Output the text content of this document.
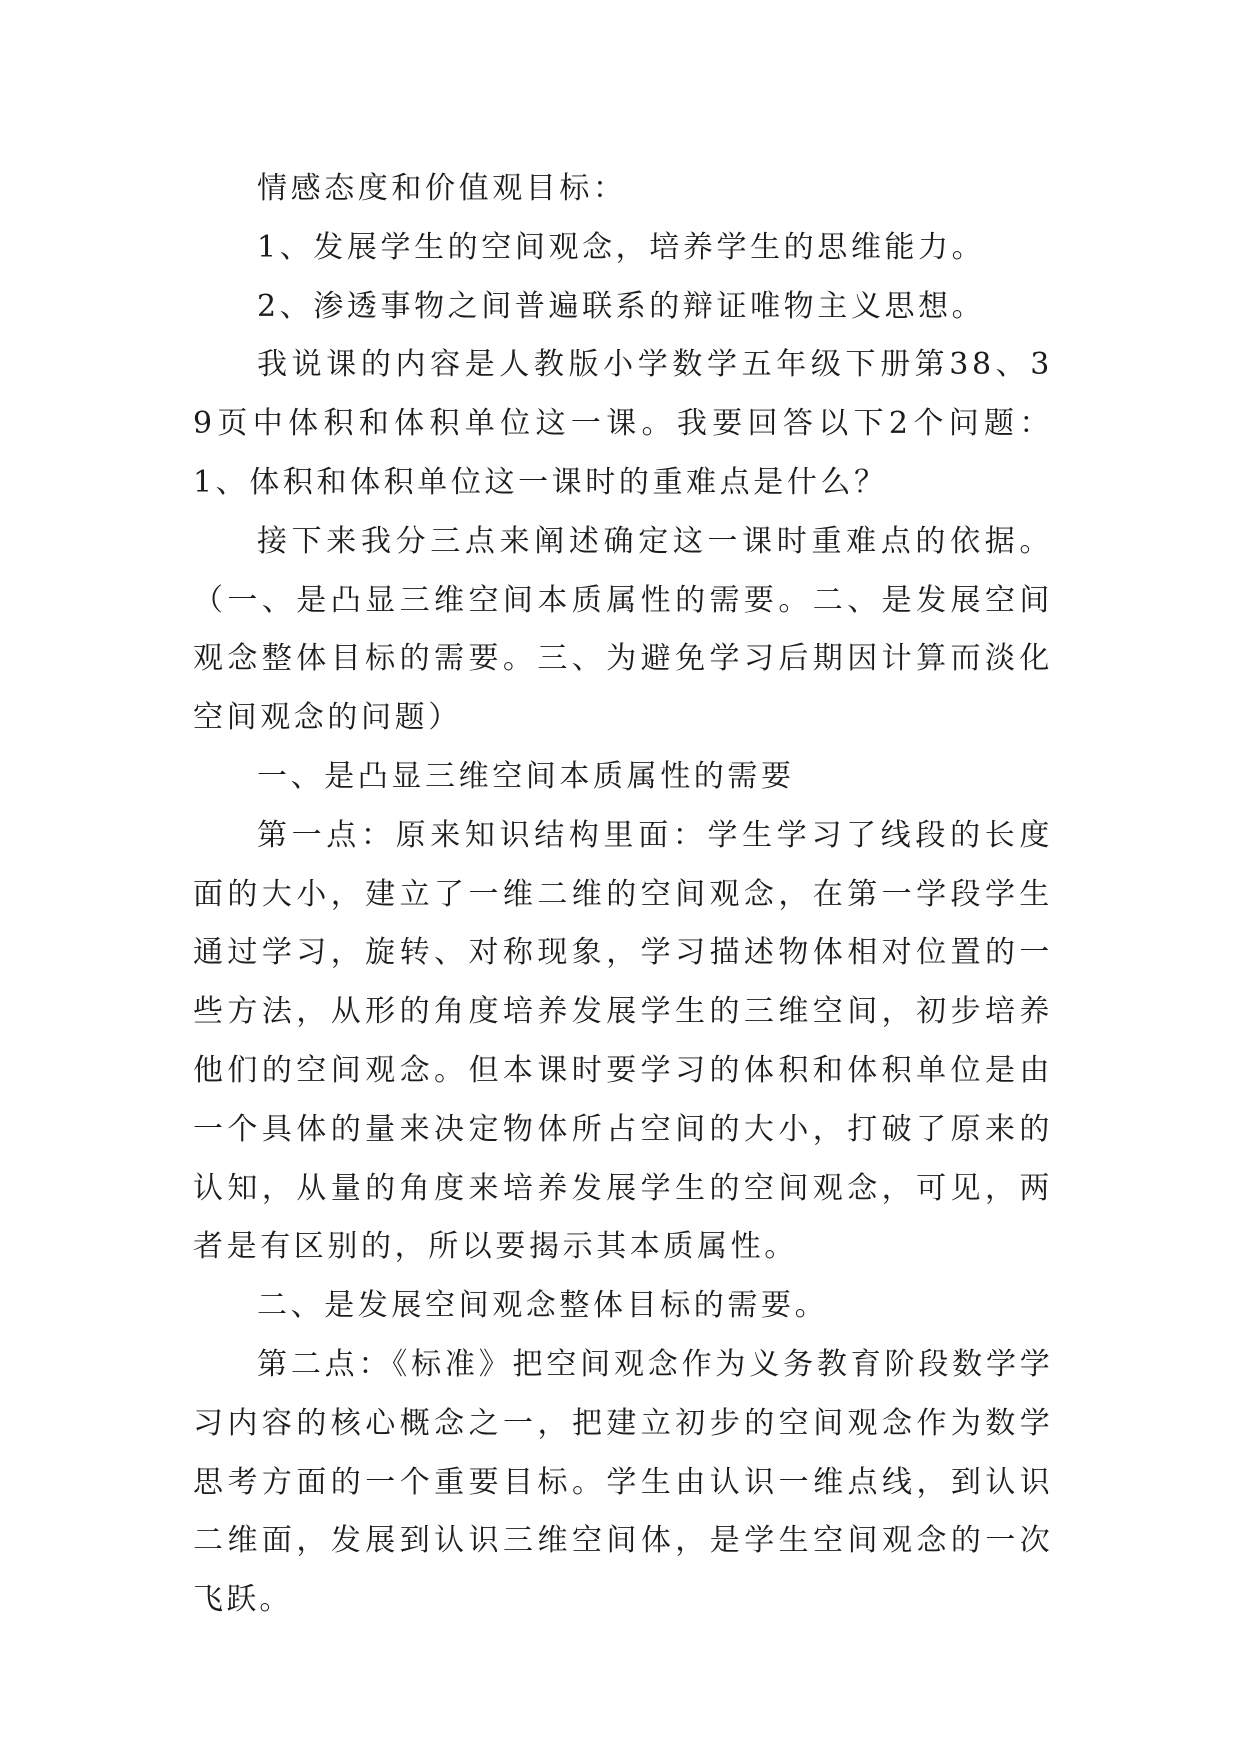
情感态度和价值观目标：

1、发展学生的空间观念，培养学生的思维能力。

2、渗透事物之间普遍联系的辩证唯物主义思想。

我说课的内容是人教版小学数学五年级下册第38、39页中体积和体积单位这一课。我要回答以下2个问题：1、体积和体积单位这一课时的重难点是什么？

接下来我分三点来阐述确定这一课时重难点的依据。（一、是凸显三维空间本质属性的需要。二、是发展空间观念整体目标的需要。三、为避免学习后期因计算而淡化空间观念的问题）

一、是凸显三维空间本质属性的需要

第一点：原来知识结构里面：学生学习了线段的长度面的大小，建立了一维二维的空间观念，在第一学段学生通过学习，旋转、对称现象，学习描述物体相对位置的一些方法，从形的角度培养发展学生的三维空间，初步培养他们的空间观念。但本课时要学习的体积和体积单位是由一个具体的量来决定物体所占空间的大小，打破了原来的认知，从量的角度来培养发展学生的空间观念，可见，两者是有区别的，所以要揭示其本质属性。

二、是发展空间观念整体目标的需要。

第二点：《标准》把空间观念作为义务教育阶段数学学习内容的核心概念之一，把建立初步的空间观念作为数学思考方面的一个重要目标。学生由认识一维点线，到认识二维面，发展到认识三维空间体，是学生空间观念的一次飞跃。
